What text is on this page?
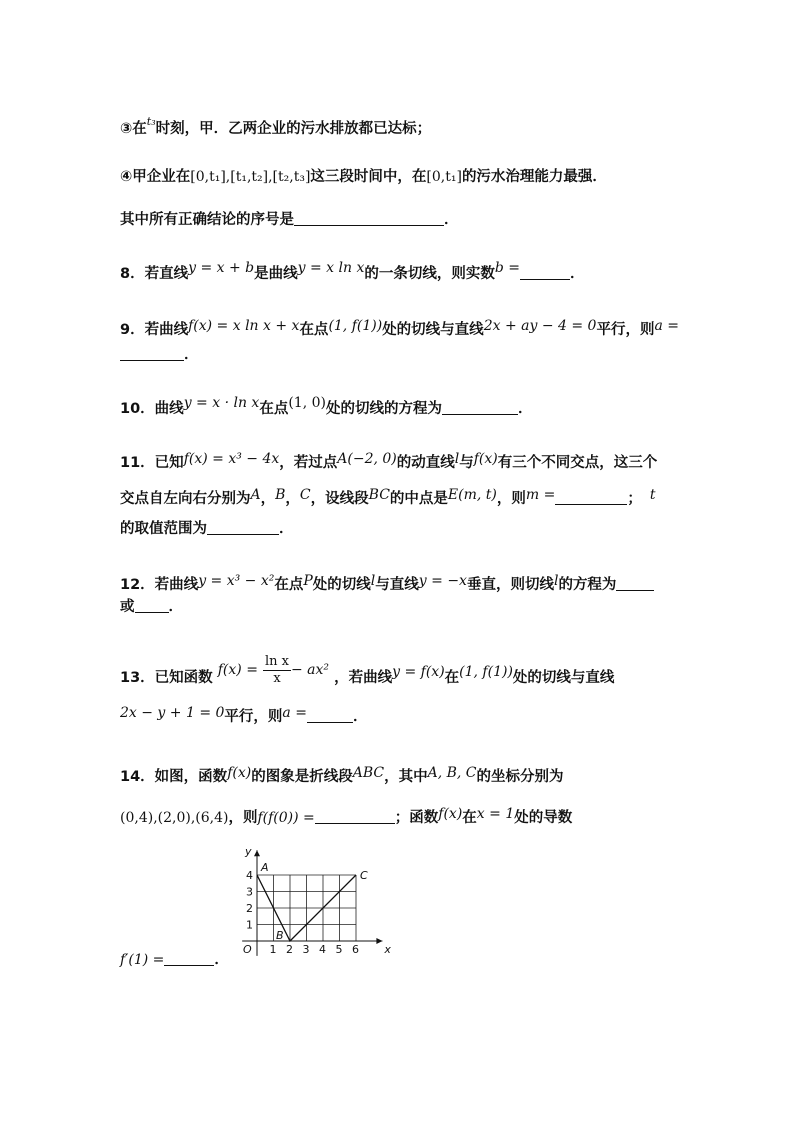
③在$^{t_3}$时刻，甲．乙两企业的污水排放都已达标；
④甲企业在[0,t₁],[t₁,t₂],[t₂,t₃]这三段时间中，在[0,t₁]的污水治理能力最强．
其中所有正确结论的序号是	．
8．若直线y = x + b是曲线y = x ln x的一条切线，则实数b =	．
9．若曲线f(x) = x ln x + x在点(1, f(1))处的切线与直线2x + ay − 4 = 0平行，则a =
．
10．曲线y = x · ln x在点(1, 0)处的切线的方程为	．
11．已知f(x) = x³ − 4x，若过点A(−2, 0)的动直线l与f(x)有三个不同交点，这三个
交点自左向右分别为A，B，C，设线段BC的中点是E(m, t)，则m =	； t
的取值范围为	．
12．若曲线y = x³ − x²在点P处的切线l与直线y = −x垂直，则切线l的方程为
或 ．
13．已知函数 $f(x) = \frac{\text{ln x}}{x} - ax^2$ ，若曲线y = f(x)在(1, f(1))处的切线与直线
2x − y + 1 = 0平行，则a =	．
14．如图，函数f(x)的图象是折线段ABC，其中A, B, C的坐标分别为
(0,4),(2,0),(6,4)，则f(f(0)) =	；函数f(x)在x = 1处的导数
f′(1) =	．
1 2 3 4 5 6
1
2
3
4
A
B
C
O	x
y
